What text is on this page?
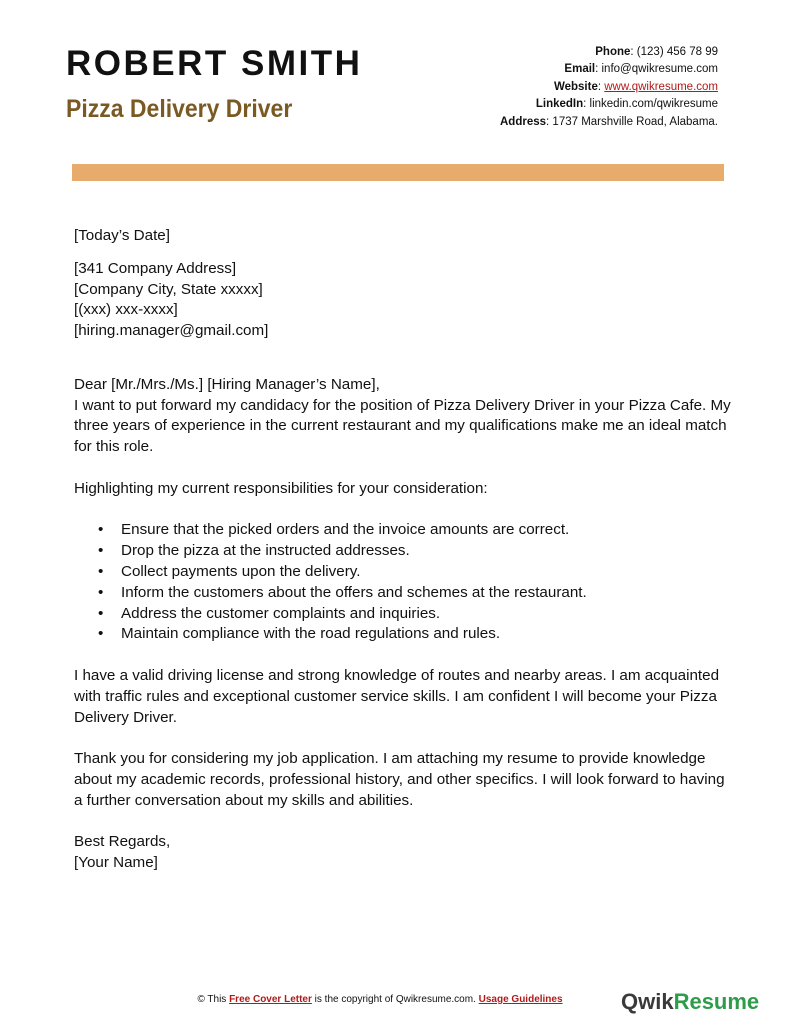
ROBERT SMITH
Pizza Delivery Driver
Phone: (123) 456 78 99
Email: info@qwikresume.com
Website: www.qwikresume.com
LinkedIn: linkedin.com/qwikresume
Address: 1737 Marshville Road, Alabama.

[Today’s Date]

[341 Company Address]

[Company City, State xxxxx]

[(xxx) xxx-xxxx]

[hiring.manager@gmail.com]

Dear [Mr./Mrs./Ms.] [Hiring Manager’s Name],

I want to put forward my candidacy for the position of Pizza Delivery Driver in your Pizza Cafe. My three years of experience in the current restaurant and my qualifications make me an ideal match for this role.

Highlighting my current responsibilities for your consideration:

• Ensure that the picked orders and the invoice amounts are correct.
• Drop the pizza at the instructed addresses.
• Collect payments upon the delivery.
• Inform the customers about the offers and schemes at the restaurant.
• Address the customer complaints and inquiries.
• Maintain compliance with the road regulations and rules.

I have a valid driving license and strong knowledge of routes and nearby areas. I am acquainted with traffic rules and exceptional customer service skills. I am confident I will become your Pizza Delivery Driver.

Thank you for considering my job application. I am attaching my resume to provide knowledge about my academic records, professional history, and other specifics. I will look forward to having a further conversation about my skills and abilities.

Best Regards,

[Your Name]

© This Free Cover Letter is the copyright of Qwikresume.com. Usage Guidelines	QwikResume
